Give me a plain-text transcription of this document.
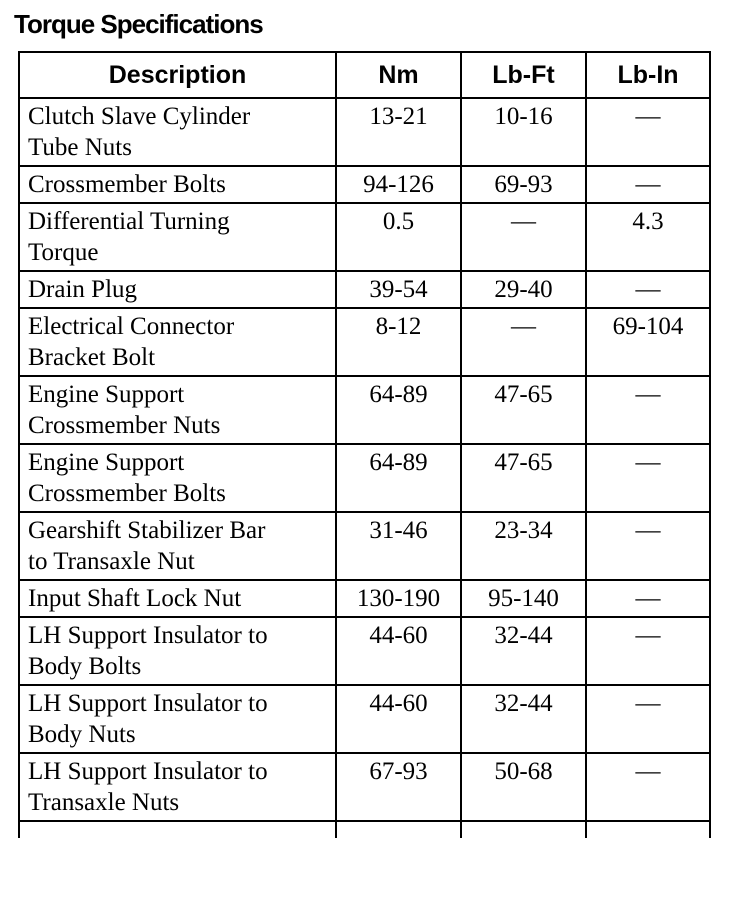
Torque Specifications
Description	Nm	Lb-Ft	Lb-In

Clutch Slave Cylinder
Tube Nuts	13-21	10-16	—

Crossmember Bolts	94-126	69-93	—

Differential Turning
Torque	0.5	—	4.3

Drain Plug	39-54	29-40	—

Electrical Connector
Bracket Bolt	8-12	—	69-104

Engine Support
Crossmember Nuts	64-89	47-65	—

Engine Support
Crossmember Bolts	64-89	47-65	—

Gearshift Stabilizer Bar
to Transaxle Nut	31-46	23-34	—

Input Shaft Lock Nut	130-190	95-140	—

LH Support Insulator to
Body Bolts	44-60	32-44	—

LH Support Insulator to
Body Nuts	44-60	32-44	—

LH Support Insulator to
Transaxle Nuts	67-93	50-68	—
